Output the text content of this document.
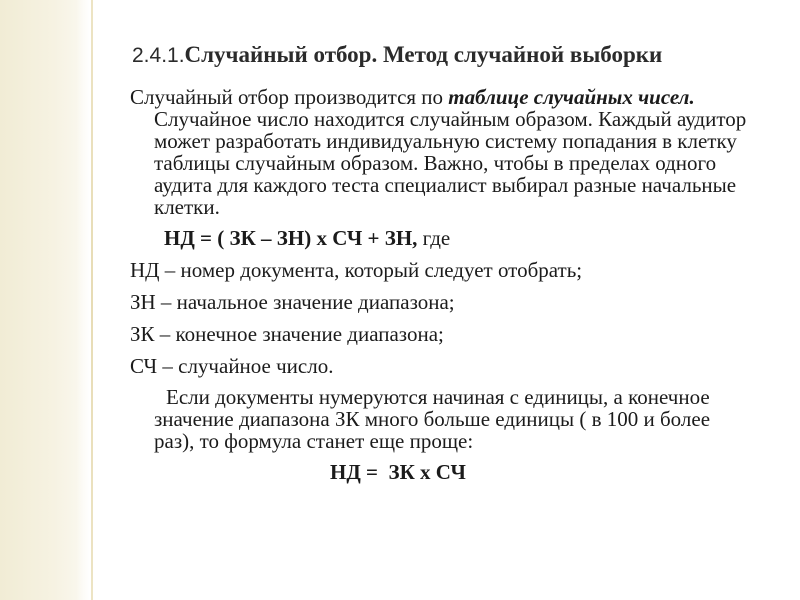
2.4.1.Случайный отбор. Метод случайной выборки

Случайный отбор производится по таблице случайных чисел. Случайное число находится случайным образом. Каждый аудитор может разработать индивидуальную систему попадания в клетку таблицы случайным образом. Важно, чтобы в пределах одного аудита для каждого теста специалист выбирал разные начальные клетки.

НД = ( ЗК – ЗН) х СЧ + ЗН, где
НД – номер документа, который следует отобрать;
ЗН – начальное значение диапазона;
ЗК – конечное значение диапазона;
СЧ – случайное число.

Если документы нумеруются начиная с единицы, а конечное значение диапазона ЗК много больше единицы ( в 100 и более раз), то формула станет еще проще:

НД =  ЗК х СЧ
